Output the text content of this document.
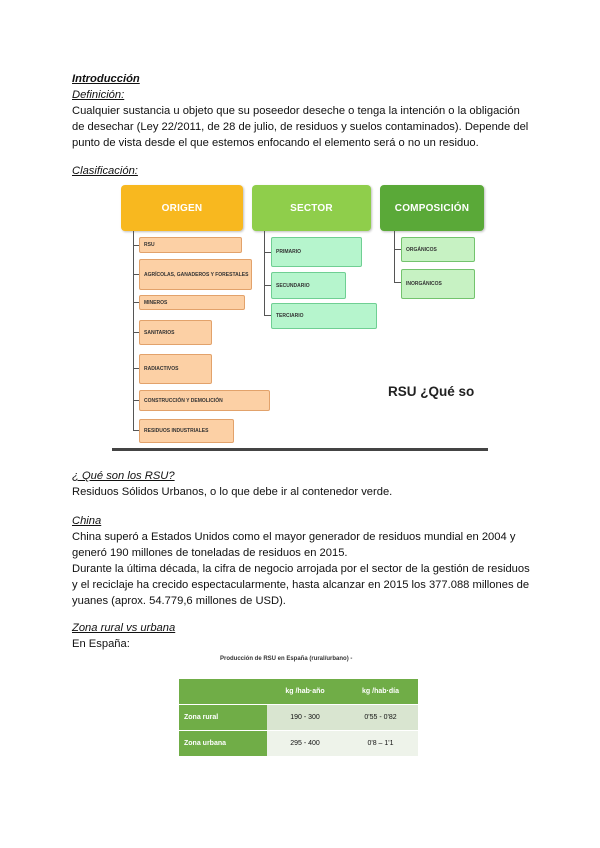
Introducción
Definición:
Cualquier sustancia u objeto que su poseedor deseche o tenga la intención o la obligación
de desechar (Ley 22/2011, de 28 de julio, de residuos y suelos contaminados). Depende del
punto de vista desde el que estemos enfocando el elemento será o no un residuo.
Clasificación:
ORIGEN	SECTOR	COMPOSICIÓN
RSU
AGRÍCOLAS, GANADEROS Y FORESTALES
MINEROS
SANITARIOS
RADIACTIVOS
CONSTRUCCIÓN Y DEMOLICIÓN
RESIDUOS INDUSTRIALES
PRIMARIO
SECUNDARIO
TERCIARIO
ORGÁNICOS
INORGÁNICOS
RSU ¿Qué so
¿ Qué son los RSU?
Residuos Sólidos Urbanos, o lo que debe ir al contenedor verde.
China
China superó a Estados Unidos como el mayor generador de residuos mundial en 2004 y
generó 190 millones de toneladas de residuos en 2015.
Durante la última década, la cifra de negocio arrojada por el sector de la gestión de residuos
y el reciclaje ha crecido espectacularmente, hasta alcanzar en 2015 los 377.088 millones de
yuanes (aprox. 54.779,6 millones de USD).
Zona rural vs urbana
En España:
Producción de RSU en España (rural/urbano) -
	kg /hab·año	kg /hab·día
Zona rural	190 - 300	0'55 - 0'82
Zona urbana	295 - 400	0'8 – 1'1
